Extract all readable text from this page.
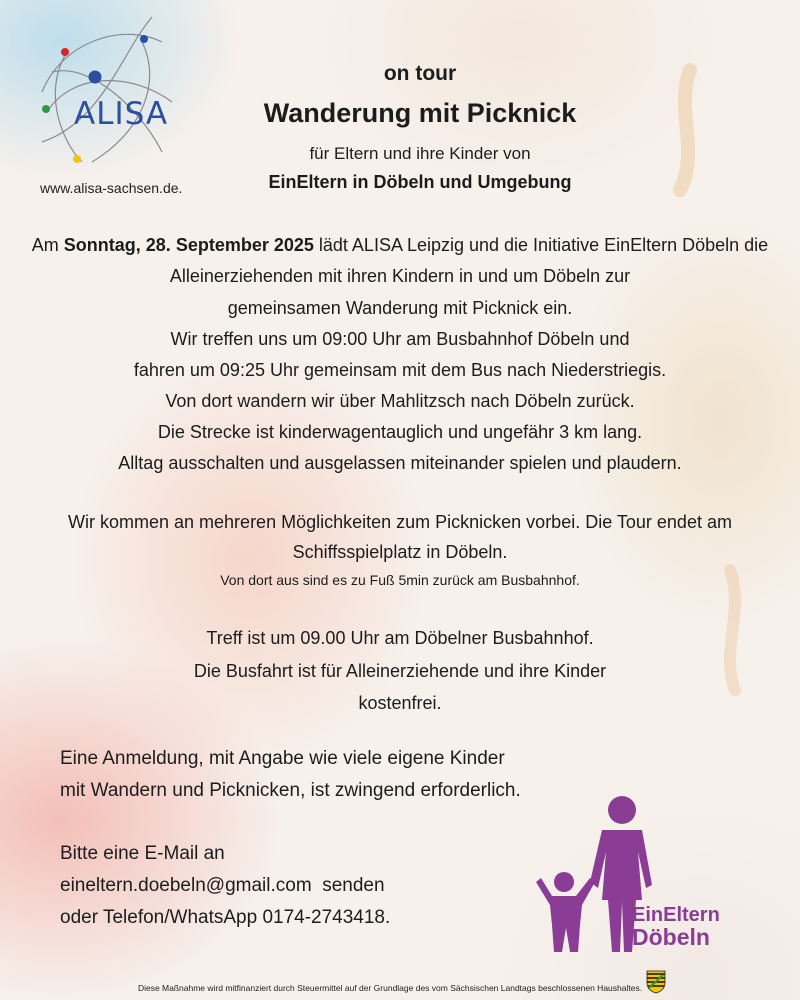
ALISA
www.alisa-sachsen.de.
on tour
Wanderung mit Picknick
für Eltern und ihre Kinder von
EinEltern in Döbeln und Umgebung
Am Sonntag, 28. September 2025 lädt ALISA Leipzig und die Initiative EinEltern Döbeln die
Alleinerziehenden mit ihren Kindern in und um Döbeln zur
gemeinsamen Wanderung mit Picknick ein.
Wir treffen uns um 09:00 Uhr am Busbahnhof Döbeln und
fahren um 09:25 Uhr gemeinsam mit dem Bus nach Niederstriegis.
Von dort wandern wir über Mahlitzsch nach Döbeln zurück.
Die Strecke ist kinderwagentauglich und ungefähr 3 km lang.
Alltag ausschalten und ausgelassen miteinander spielen und plaudern.
Wir kommen an mehreren Möglichkeiten zum Picknicken vorbei. Die Tour endet am
Schiffsspielplatz in Döbeln.
Von dort aus sind es zu Fuß 5min zurück am Busbahnhof.
Treff ist um 09.00 Uhr am Döbelner Busbahnhof.
Die Busfahrt ist für Alleinerziehende und ihre Kinder
kostenfrei.
Eine Anmeldung, mit Angabe wie viele eigene Kinder
mit Wandern und Picknicken, ist zwingend erforderlich.
Bitte eine E-Mail an
eineltern.doebeln@gmail.com  senden
oder Telefon/WhatsApp 0174-2743418.	EinEltern
Döbeln
Diese Maßnahme wird mitfinanziert durch Steuermittel auf der Grundlage des vom Sächsischen Landtags beschlossenen Haushaltes.
